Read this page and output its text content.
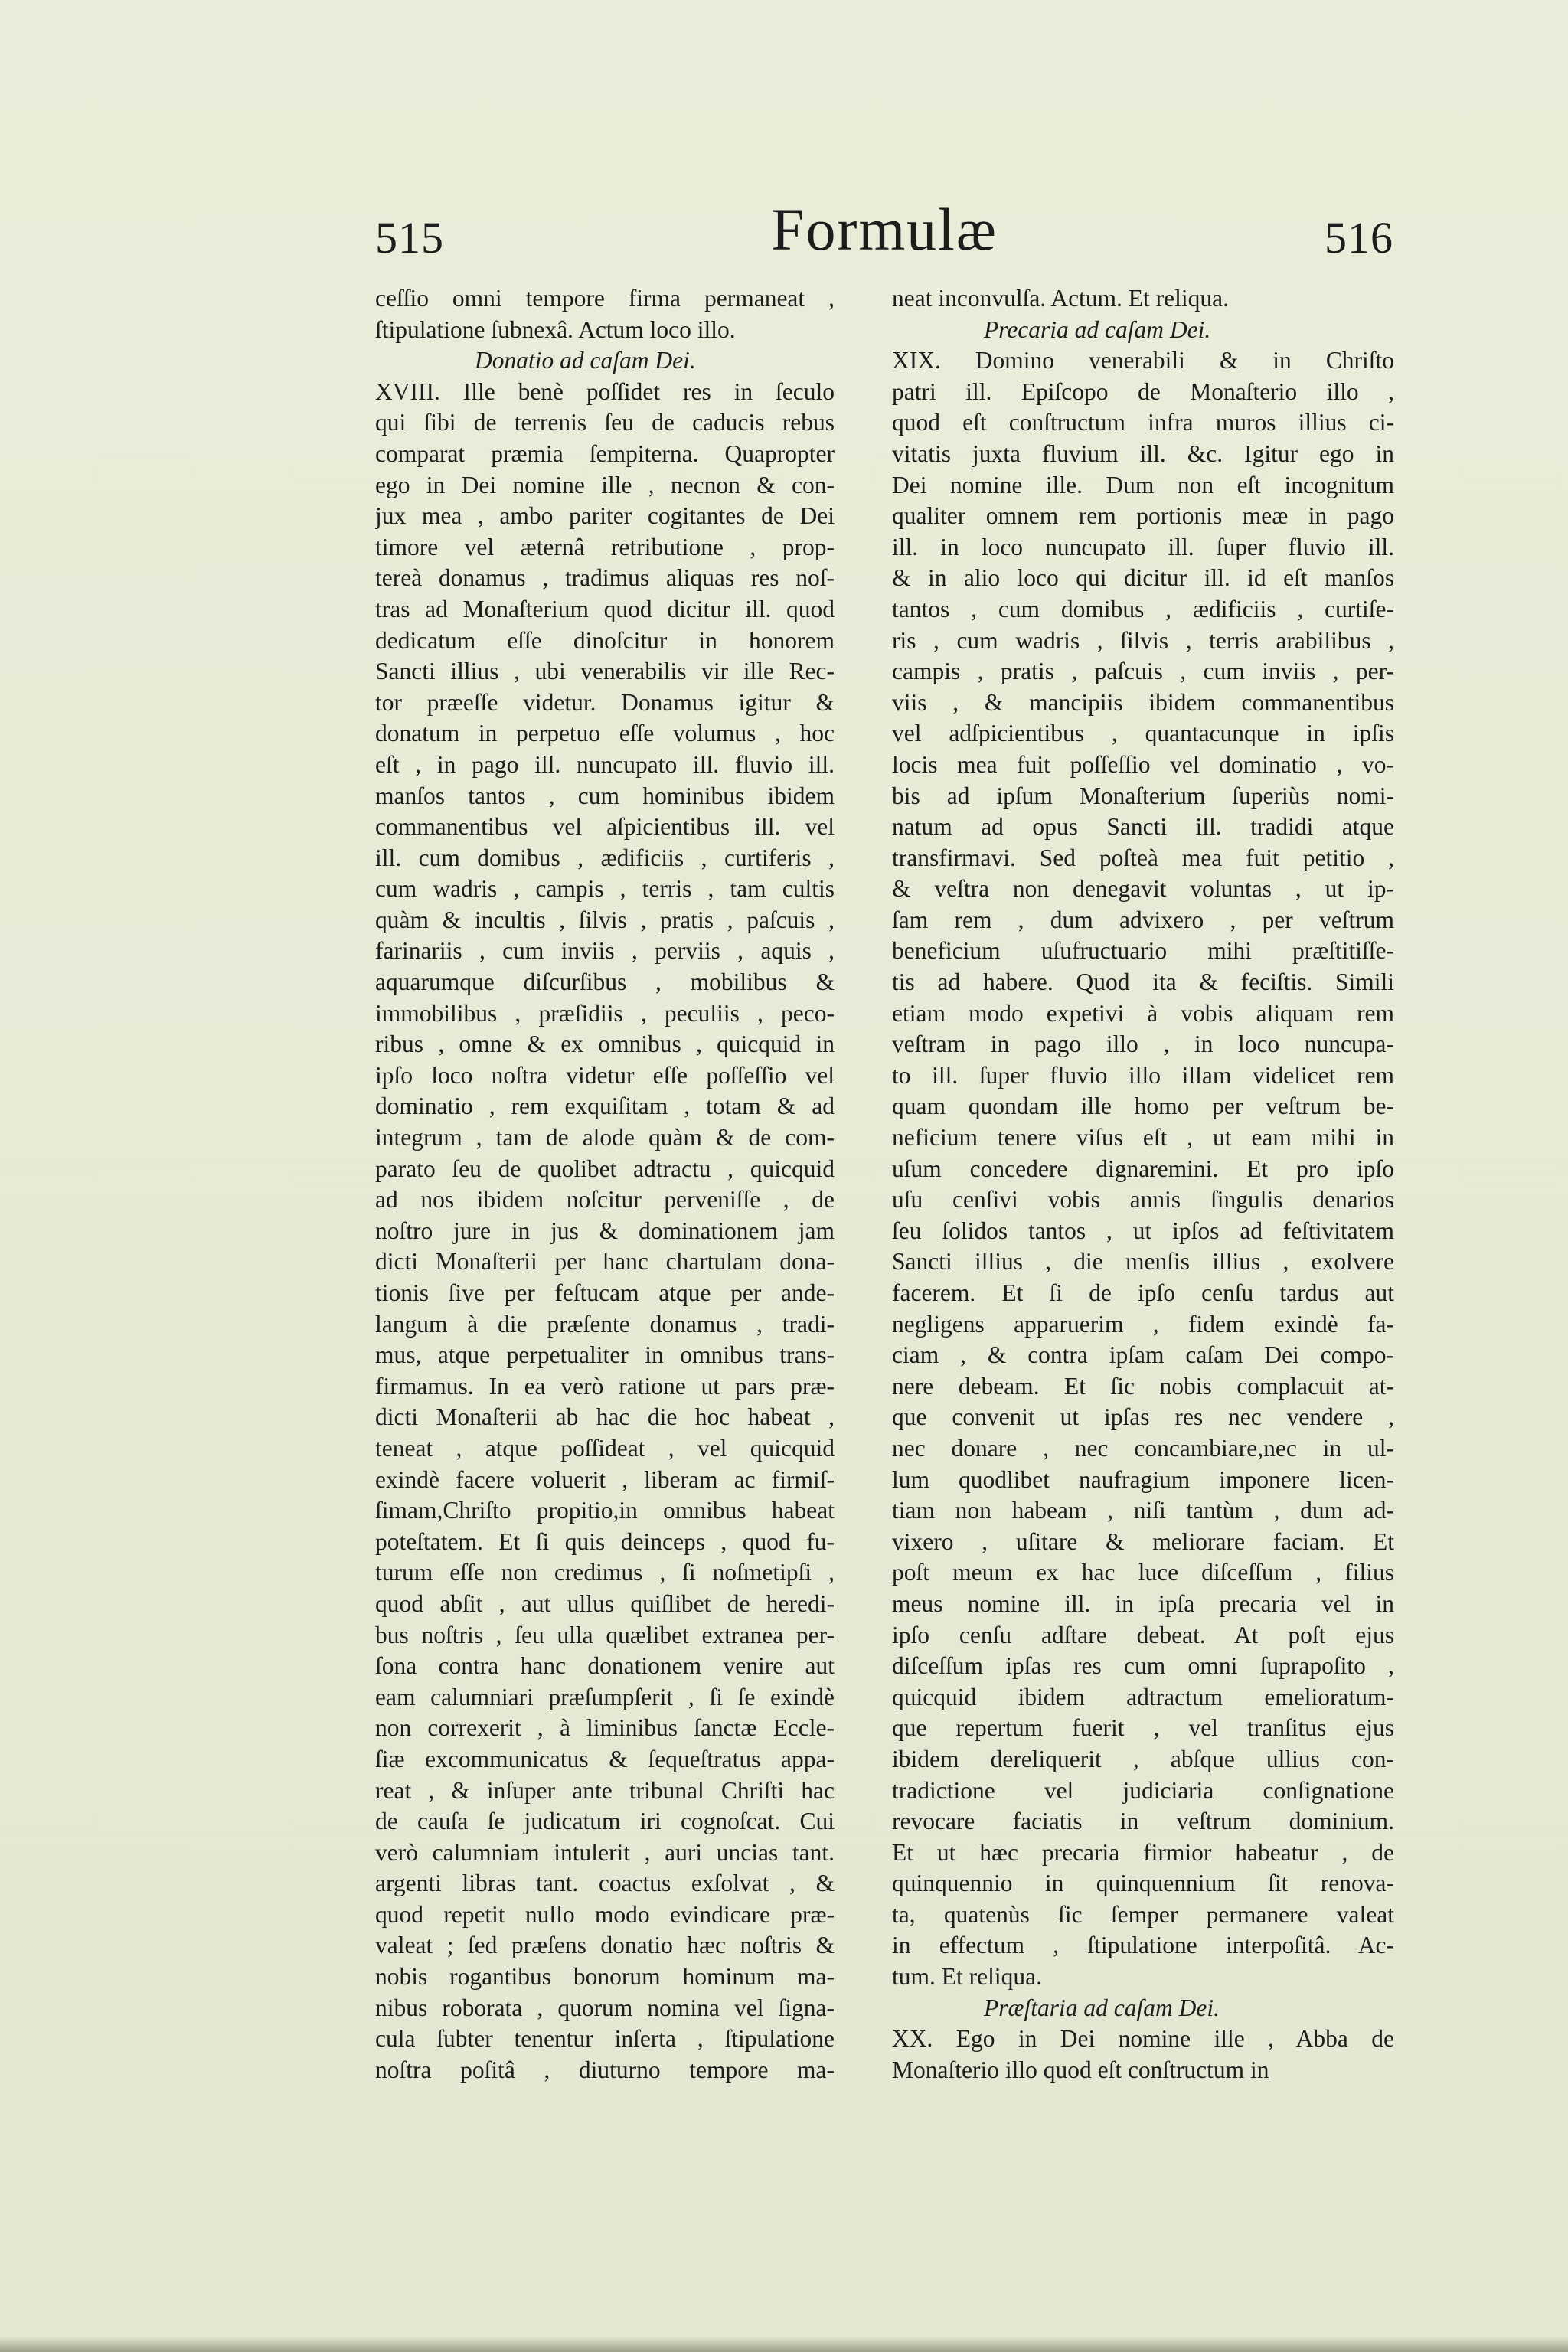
515	Formulæ	516
ceſſio omni tempore firma permaneat ,
ſtipulatione ſubnexâ. Actum loco illo.
Donatio ad caſam Dei.
XVIII. Ille benè poſſidet res in ſeculo
qui ſibi de terrenis ſeu de caducis rebus
comparat præmia ſempiterna. Quapropter
ego in Dei nomine ille , necnon & con-
jux mea , ambo pariter cogitantes de Dei
timore vel æternâ retributione , prop-
tereà donamus , tradimus aliquas res noſ-
tras ad Monaſterium quod dicitur ill. quod
dedicatum eſſe dinoſcitur in honorem
Sancti illius , ubi venerabilis vir ille Rec-
tor præeſſe videtur. Donamus igitur &
donatum in perpetuo eſſe volumus , hoc
eſt , in pago ill. nuncupato ill. fluvio ill.
manſos tantos , cum hominibus ibidem
commanentibus vel aſpicientibus ill. vel
ill. cum domibus , ædificiis , curtiferis ,
cum wadris , campis , terris , tam cultis
quàm & incultis , ſilvis , pratis , paſcuis ,
farinariis , cum inviis , perviis , aquis ,
aquarumque diſcurſibus , mobilibus &
immobilibus , præſidiis , peculiis , peco-
ribus , omne & ex omnibus , quicquid in
ipſo loco noſtra videtur eſſe poſſeſſio vel
dominatio , rem exquiſitam , totam & ad
integrum , tam de alode quàm & de com-
parato ſeu de quolibet adtractu , quicquid
ad nos ibidem noſcitur perveniſſe , de
noſtro jure in jus & dominationem jam
dicti Monaſterii per hanc chartulam dona-
tionis ſive per feſtucam atque per ande-
langum à die præſente donamus , tradi-
mus, atque perpetualiter in omnibus trans-
firmamus. In ea verò ratione ut pars præ-
dicti Monaſterii ab hac die hoc habeat ,
teneat , atque poſſideat , vel quicquid
exindè facere voluerit , liberam ac firmiſ-
ſimam,Chriſto propitio,in omnibus habeat
poteſtatem. Et ſi quis deinceps , quod fu-
turum eſſe non credimus , ſi noſmetipſi ,
quod abſit , aut ullus quiſlibet de heredi-
bus noſtris , ſeu ulla quælibet extranea per-
ſona contra hanc donationem venire aut
eam calumniari præſumpſerit , ſi ſe exindè
non correxerit , à liminibus ſanctæ Eccle-
ſiæ excommunicatus & ſequeſtratus appa-
reat , & inſuper ante tribunal Chriſti hac
de cauſa ſe judicatum iri cognoſcat. Cui
verò calumniam intulerit , auri uncias tant.
argenti libras tant. coactus exſolvat , &
quod repetit nullo modo evindicare præ-
valeat ; ſed præſens donatio hæc noſtris &
nobis rogantibus bonorum hominum ma-
nibus roborata , quorum nomina vel ſigna-
cula ſubter tenentur inſerta , ſtipulatione
noſtra poſitâ , diuturno tempore ma-
neat inconvulſa. Actum. Et reliqua.
Precaria ad caſam Dei.
XIX. Domino venerabili & in Chriſto
patri ill. Epiſcopo de Monaſterio illo ,
quod eſt conſtructum infra muros illius ci-
vitatis juxta fluvium ill. &c. Igitur ego in
Dei nomine ille. Dum non eſt incognitum
qualiter omnem rem portionis meæ in pago
ill. in loco nuncupato ill. ſuper fluvio ill.
& in alio loco qui dicitur ill. id eſt manſos
tantos , cum domibus , ædificiis , curtiſe-
ris , cum wadris , ſilvis , terris arabilibus ,
campis , pratis , paſcuis , cum inviis , per-
viis , & mancipiis ibidem commanentibus
vel adſpicientibus , quantacunque in ipſis
locis mea fuit poſſeſſio vel dominatio , vo-
bis ad ipſum Monaſterium ſuperiùs nomi-
natum ad opus Sancti ill. tradidi atque
transfirmavi. Sed poſteà mea fuit petitio ,
& veſtra non denegavit voluntas , ut ip-
ſam rem , dum advixero , per veſtrum
beneficium uſufructuario mihi præſtitiſſe-
tis ad habere. Quod ita & feciſtis. Simili
etiam modo expetivi à vobis aliquam rem
veſtram in pago illo , in loco nuncupa-
to ill. ſuper fluvio illo illam videlicet rem
quam quondam ille homo per veſtrum be-
neficium tenere viſus eſt , ut eam mihi in
uſum concedere dignaremini. Et pro ipſo
uſu cenſivi vobis annis ſingulis denarios
ſeu ſolidos tantos , ut ipſos ad feſtivitatem
Sancti illius , die menſis illius , exolvere
facerem. Et ſi de ipſo cenſu tardus aut
negligens apparuerim , fidem exindè fa-
ciam , & contra ipſam caſam Dei compo-
nere debeam. Et ſic nobis complacuit at-
que convenit ut ipſas res nec vendere ,
nec donare , nec concambiare,nec in ul-
lum quodlibet naufragium imponere licen-
tiam non habeam , niſi tantùm , dum ad-
vixero , uſitare & meliorare faciam. Et
poſt meum ex hac luce diſceſſum , filius
meus nomine ill. in ipſa precaria vel in
ipſo cenſu adſtare debeat. At poſt ejus
diſceſſum ipſas res cum omni ſuprapoſito ,
quicquid ibidem adtractum emelioratum-
que repertum fuerit , vel tranſitus ejus
ibidem dereliquerit , abſque ullius con-
tradictione vel judiciaria conſignatione
revocare faciatis in veſtrum dominium.
Et ut hæc precaria firmior habeatur , de
quinquennio in quinquennium ſit renova-
ta, quatenùs ſic ſemper permanere valeat
in effectum , ſtipulatione interpoſitâ. Ac-
tum. Et reliqua.
Præſtaria ad caſam Dei.
XX. Ego in Dei nomine ille , Abba de
Monaſterio illo quod eſt conſtructum in
